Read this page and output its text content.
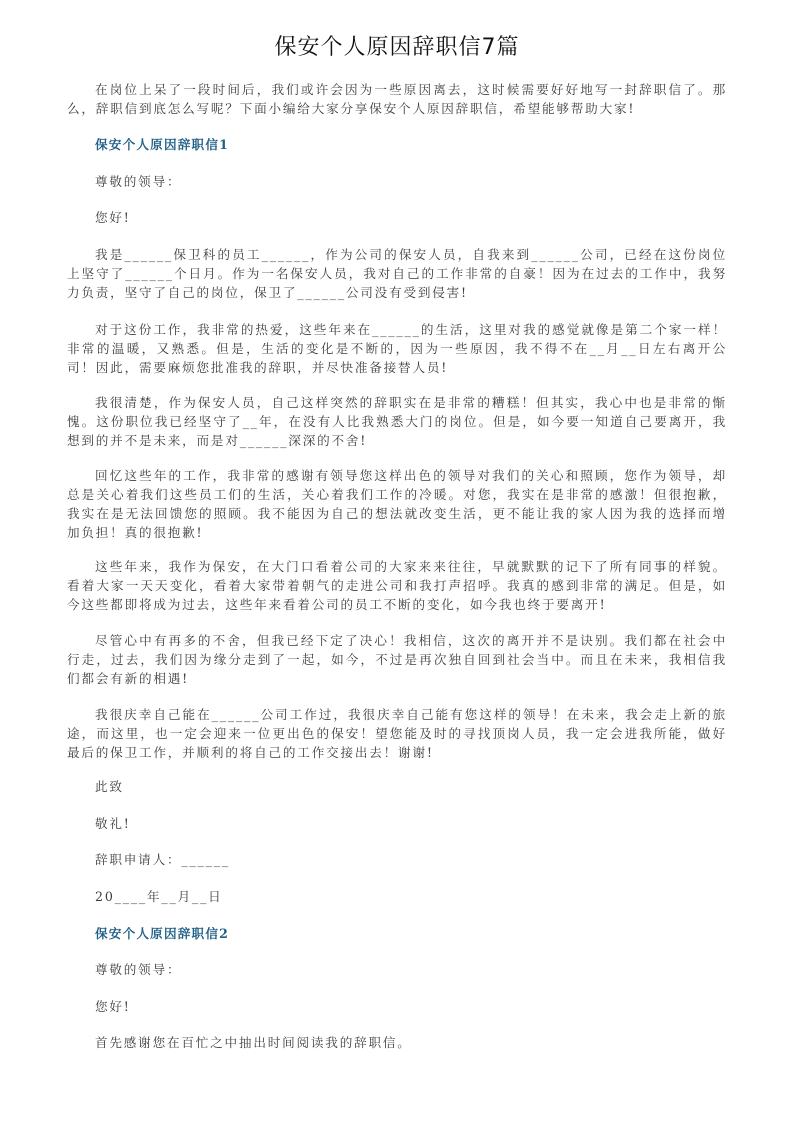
保安个人原因辞职信7篇

在岗位上呆了一段时间后，我们或许会因为一些原因离去，这时候需要好好地写一封辞职信了。那么，辞职信到底怎么写呢？下面小编给大家分享保安个人原因辞职信，希望能够帮助大家!

保安个人原因辞职信1

尊敬的领导：

您好!

我是______保卫科的员工______，作为公司的保安人员，自我来到______公司，已经在这份岗位上坚守了______个日月。作为一名保安人员，我对自己的工作非常的自豪！因为在过去的工作中，我努力负责，坚守了自己的岗位，保卫了______公司没有受到侵害!

对于这份工作，我非常的热爱，这些年来在______的生活，这里对我的感觉就像是第二个家一样！非常的温暖，又熟悉。但是，生活的变化是不断的，因为一些原因，我不得不在__月__日左右离开公司！因此，需要麻烦您批准我的辞职，并尽快准备接替人员!

我很清楚，作为保安人员，自己这样突然的辞职实在是非常的糟糕！但其实，我心中也是非常的惭愧。这份职位我已经坚守了__年，在没有人比我熟悉大门的岗位。但是，如今要一知道自己要离开，我想到的并不是未来，而是对______深深的不舍!

回忆这些年的工作，我非常的感谢有领导您这样出色的领导对我们的关心和照顾，您作为领导，却总是关心着我们这些员工们的生活，关心着我们工作的冷暖。对您，我实在是非常的感激！但很抱歉，我实在是无法回馈您的照顾。我不能因为自己的想法就改变生活，更不能让我的家人因为我的选择而增加负担！真的很抱歉!

这些年来，我作为保安，在大门口看着公司的大家来来往往，早就默默的记下了所有同事的样貌。看着大家一天天变化，看着大家带着朝气的走进公司和我打声招呼。我真的感到非常的满足。但是，如今这些都即将成为过去，这些年来看着公司的员工不断的变化，如今我也终于要离开!

尽管心中有再多的不舍，但我已经下定了决心！我相信，这次的离开并不是诀别。我们都在社会中行走，过去，我们因为缘分走到了一起，如今，不过是再次独自回到社会当中。而且在未来，我相信我们都会有新的相遇!

我很庆幸自己能在______公司工作过，我很庆幸自己能有您这样的领导！在未来，我会走上新的旅途，而这里，也一定会迎来一位更出色的保安！望您能及时的寻找顶岗人员，我一定会进我所能，做好最后的保卫工作，并顺利的将自己的工作交接出去！谢谢!

此致

敬礼!

辞职申请人：______

20____年__月__日

保安个人原因辞职信2

尊敬的领导：

您好!

首先感谢您在百忙之中抽出时间阅读我的辞职信。
